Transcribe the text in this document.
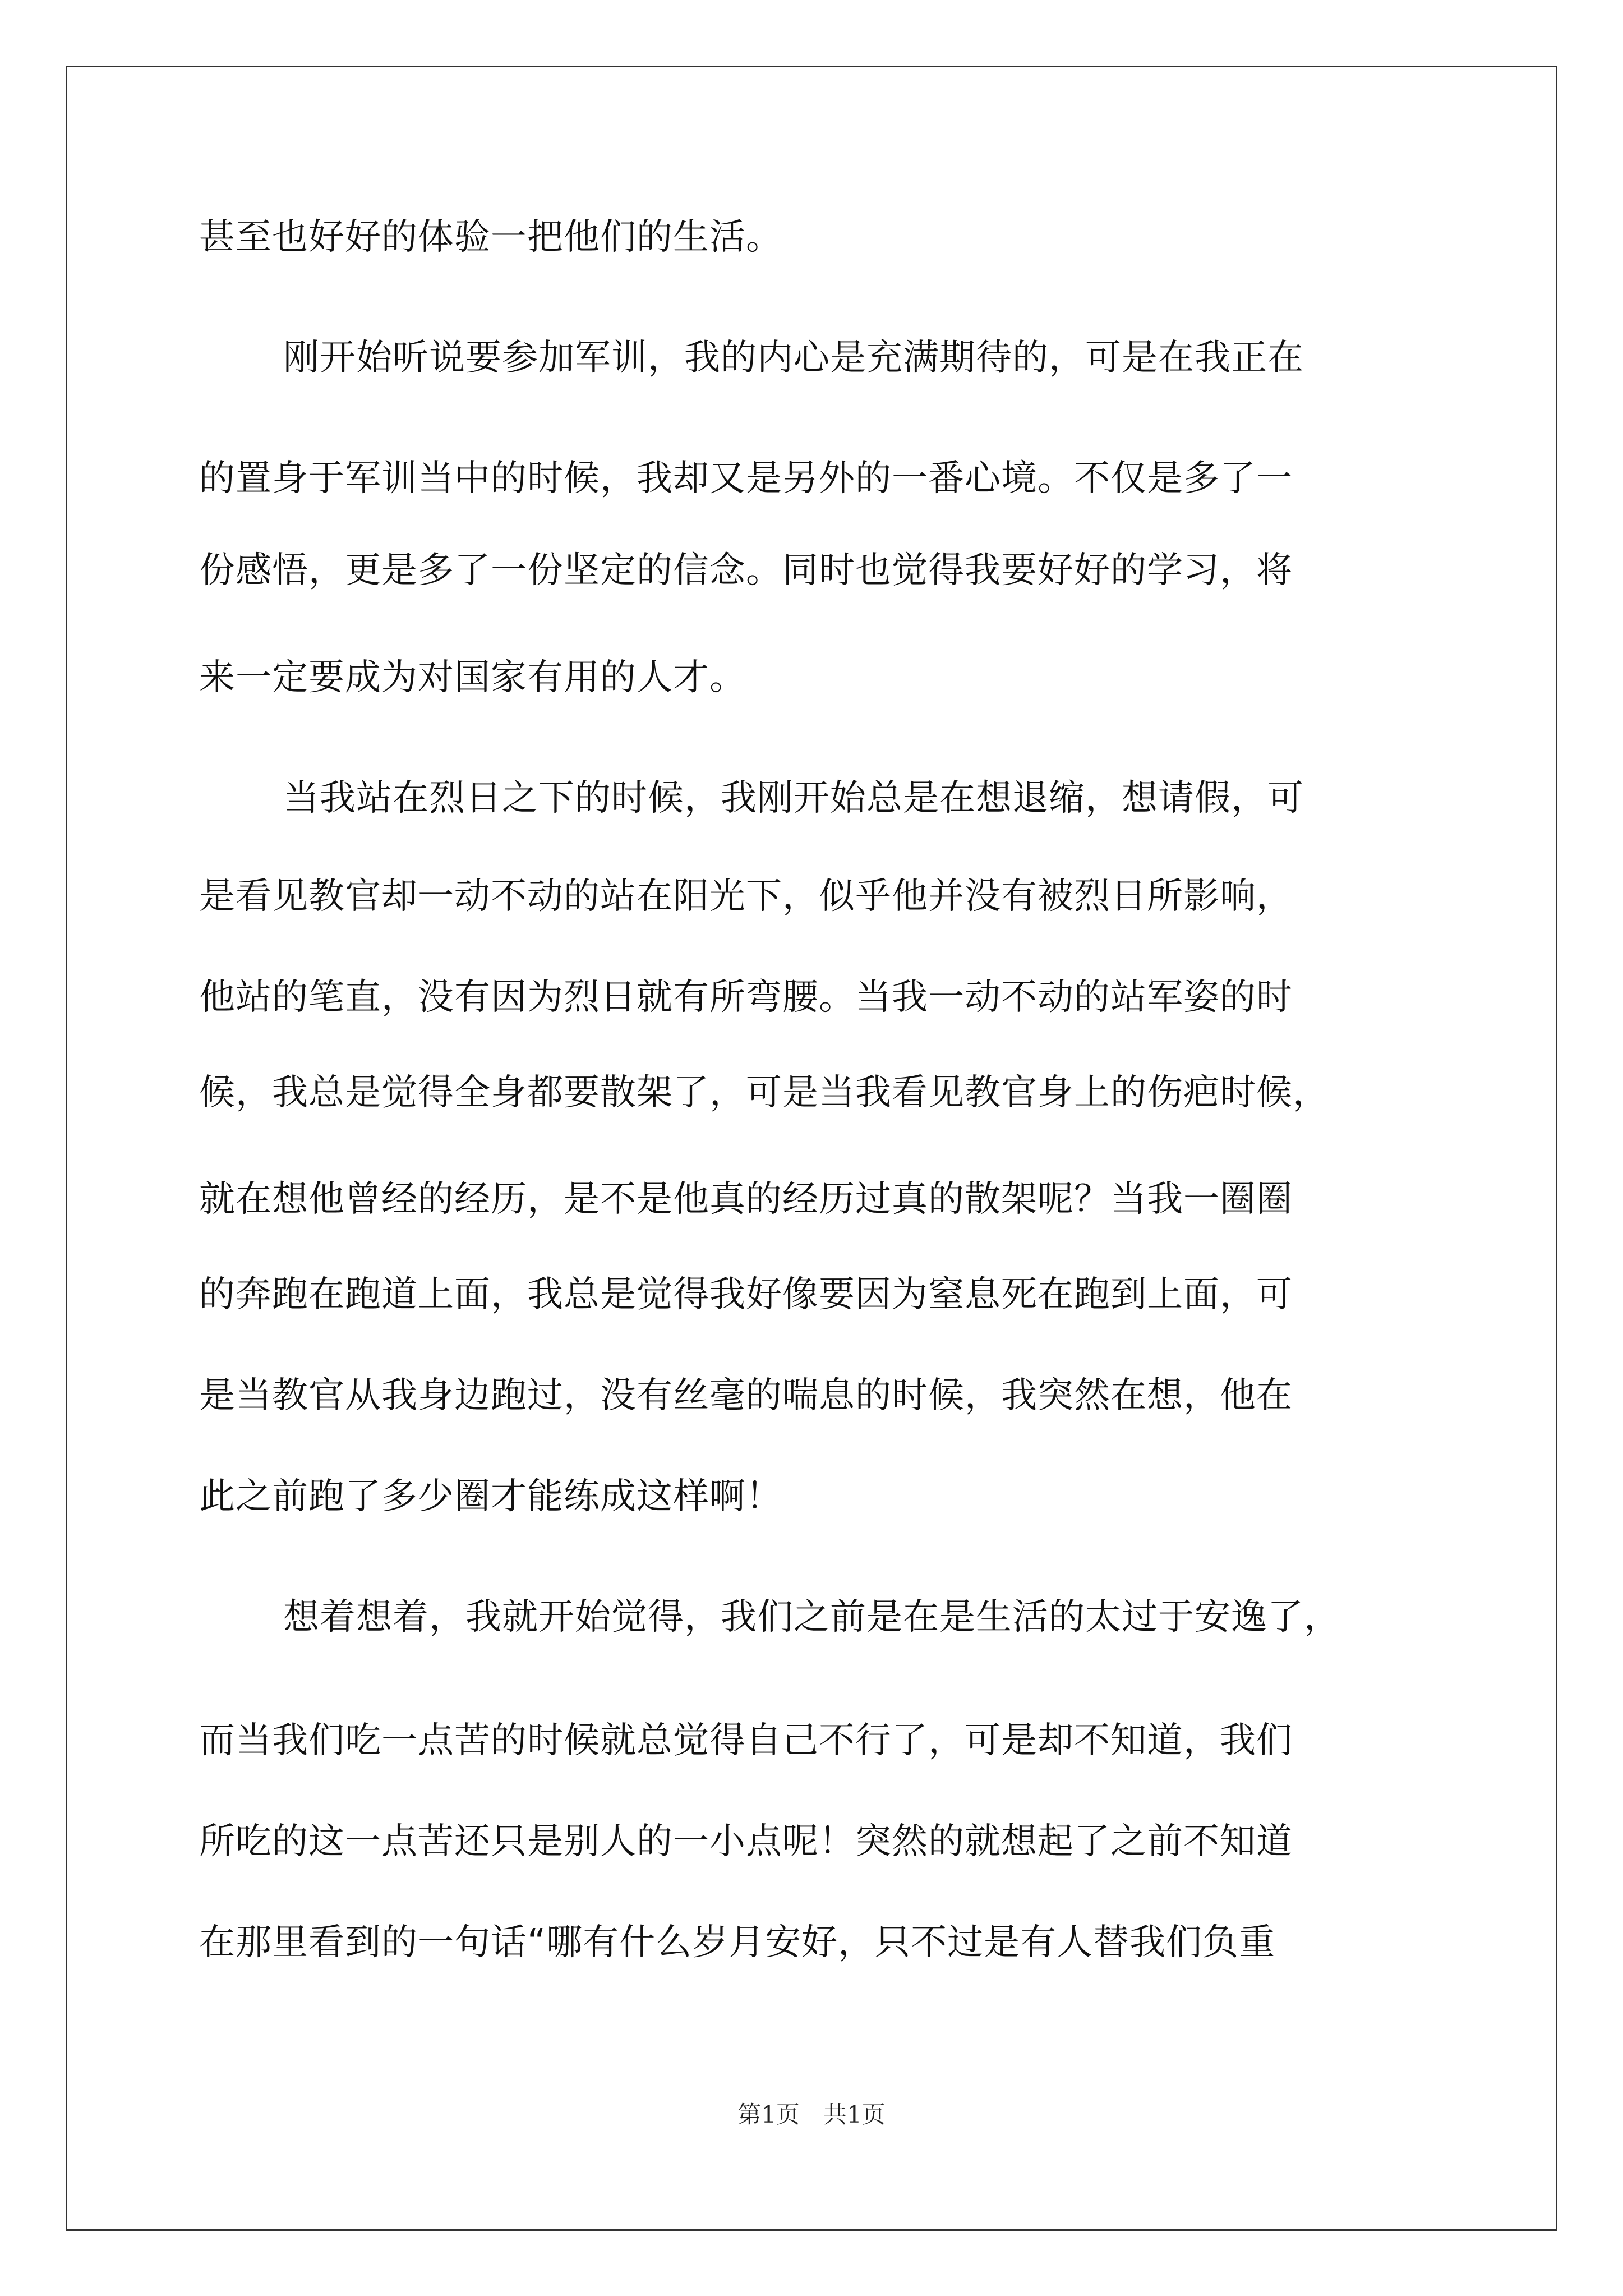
甚至也好好的体验一把他们的生活。
刚开始听说要参加军训，我的内心是充满期待的，可是在我正在
的置身于军训当中的时候，我却又是另外的一番心境。不仅是多了一
份感悟，更是多了一份坚定的信念。同时也觉得我要好好的学习，将
来一定要成为对国家有用的人才。
当我站在烈日之下的时候，我刚开始总是在想退缩，想请假，可
是看见教官却一动不动的站在阳光下，似乎他并没有被烈日所影响，
他站的笔直，没有因为烈日就有所弯腰。当我一动不动的站军姿的时
候，我总是觉得全身都要散架了，可是当我看见教官身上的伤疤时候，
就在想他曾经的经历，是不是他真的经历过真的散架呢？当我一圈圈
的奔跑在跑道上面，我总是觉得我好像要因为窒息死在跑到上面，可
是当教官从我身边跑过，没有丝毫的喘息的时候，我突然在想，他在
此之前跑了多少圈才能练成这样啊！
想着想着，我就开始觉得，我们之前是在是生活的太过于安逸了，
而当我们吃一点苦的时候就总觉得自己不行了，可是却不知道，我们
所吃的这一点苦还只是别人的一小点呢！突然的就想起了之前不知道
在那里看到的一句话“哪有什么岁月安好，只不过是有人替我们负重
第1页 共1页
